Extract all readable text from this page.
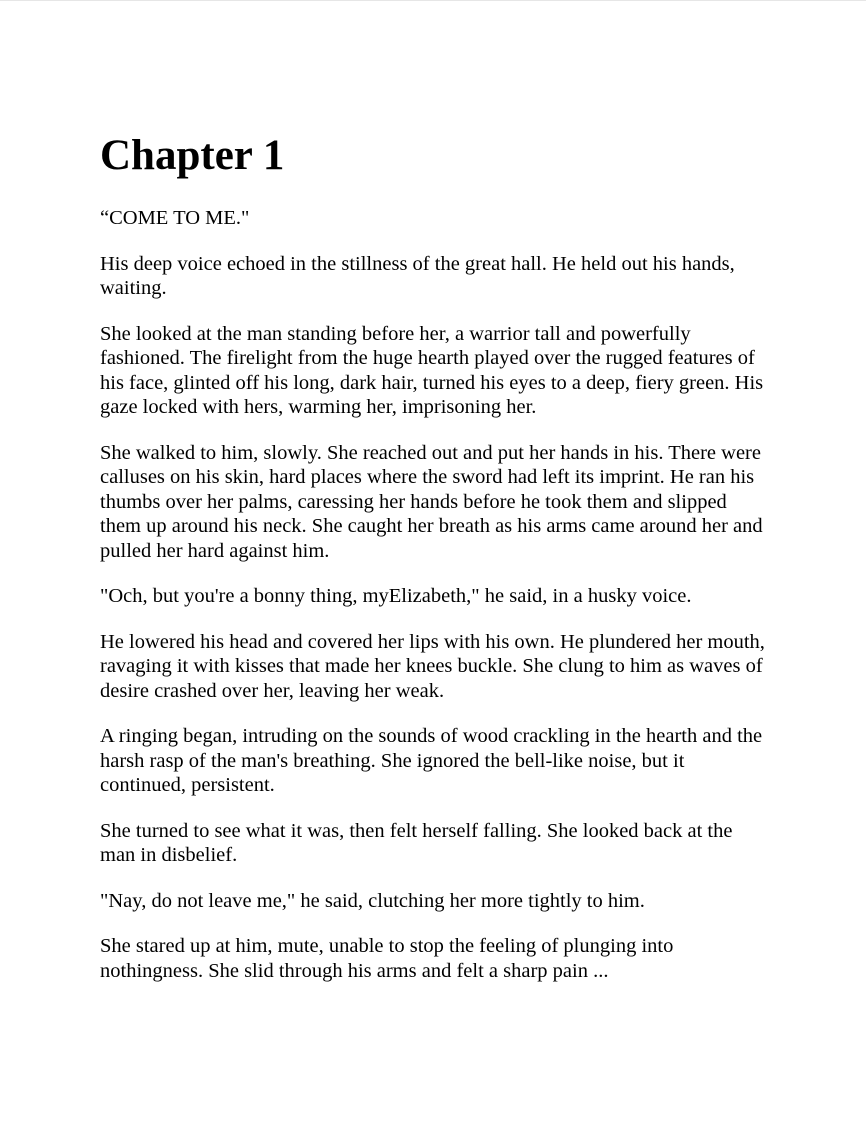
Chapter 1

“COME TO ME."

His deep voice echoed in the stillness of the great hall. He held out his hands, waiting.

She looked at the man standing before her, a warrior tall and powerfully fashioned. The firelight from the huge hearth played over the rugged features of his face, glinted off his long, dark hair, turned his eyes to a deep, fiery green. His gaze locked with hers, warming her, imprisoning her.

She walked to him, slowly. She reached out and put her hands in his. There were calluses on his skin, hard places where the sword had left its imprint. He ran his thumbs over her palms, caressing her hands before he took them and slipped them up around his neck. She caught her breath as his arms came around her and pulled her hard against him.

"Och, but you're a bonny thing, myElizabeth," he said, in a husky voice.

He lowered his head and covered her lips with his own. He plundered her mouth, ravaging it with kisses that made her knees buckle. She clung to him as waves of desire crashed over her, leaving her weak.

A ringing began, intruding on the sounds of wood crackling in the hearth and the harsh rasp of the man's breathing. She ignored the bell-like noise, but it continued, persistent.

She turned to see what it was, then felt herself falling. She looked back at the man in disbelief.

"Nay, do not leave me," he said, clutching her more tightly to him.

She stared up at him, mute, unable to stop the feeling of plunging into nothingness. She slid through his arms and felt a sharp pain ...
